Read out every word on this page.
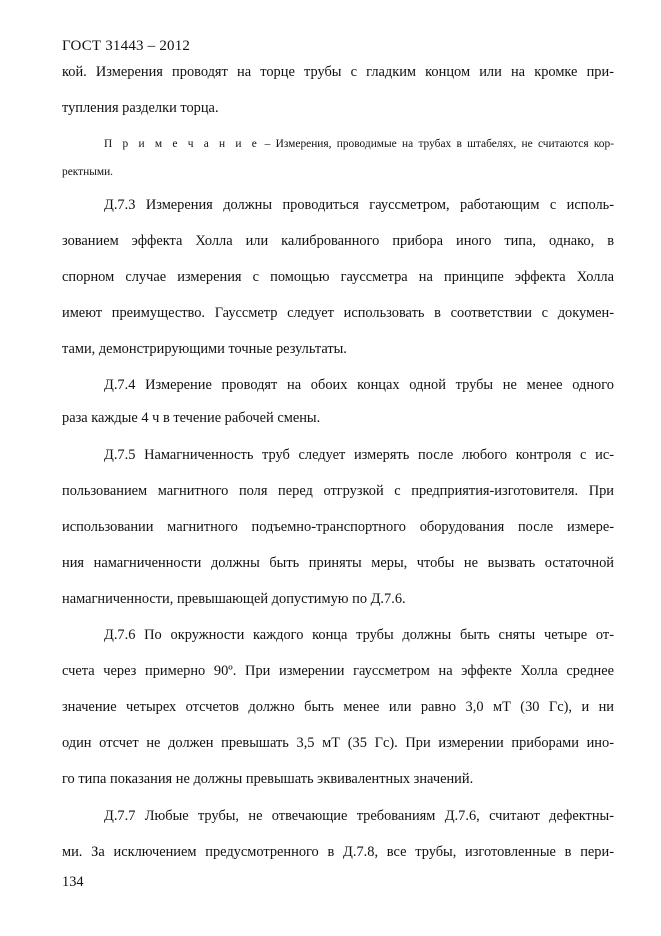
ГОСТ 31443 – 2012
кой. Измерения проводят на торце трубы с гладким концом или на кромке при-
тупления разделки торца.
П р и м е ч а н и е – Измерения, проводимые на трубах в штабелях, не считаются кор-
ректными.
Д.7.3 Измерения должны проводиться гауссметром, работающим с исполь-
зованием эффекта Холла или калиброванного прибора иного типа, однако, в
спорном случае измерения с помощью гауссметра на принципе эффекта Холла
имеют преимущество. Гауссметр следует использовать в соответствии с докумен-
тами, демонстрирующими точные результаты.
Д.7.4 Измерение проводят на обоих концах одной трубы не менее одного
раза каждые 4 ч в течение рабочей смены.
Д.7.5 Намагниченность труб следует измерять после любого контроля с ис-
пользованием магнитного поля перед отгрузкой с предприятия-изготовителя. При
использовании магнитного подъемно-транспортного оборудования после измере-
ния намагниченности должны быть приняты меры, чтобы не вызвать остаточной
намагниченности, превышающей допустимую по Д.7.6.
Д.7.6 По окружности каждого конца трубы должны быть сняты четыре от-
счета через примерно 90º. При измерении гауссметром на эффекте Холла среднее
значение четырех отсчетов должно быть менее или равно 3,0 мТ (30 Гс), и ни
один отсчет не должен превышать 3,5 мТ (35 Гс). При измерении приборами ино-
го типа показания не должны превышать эквивалентных значений.
Д.7.7 Любые трубы, не отвечающие требованиям Д.7.6, считают дефектны-
ми. За исключением предусмотренного в Д.7.8, все трубы, изготовленные в пери-
134
